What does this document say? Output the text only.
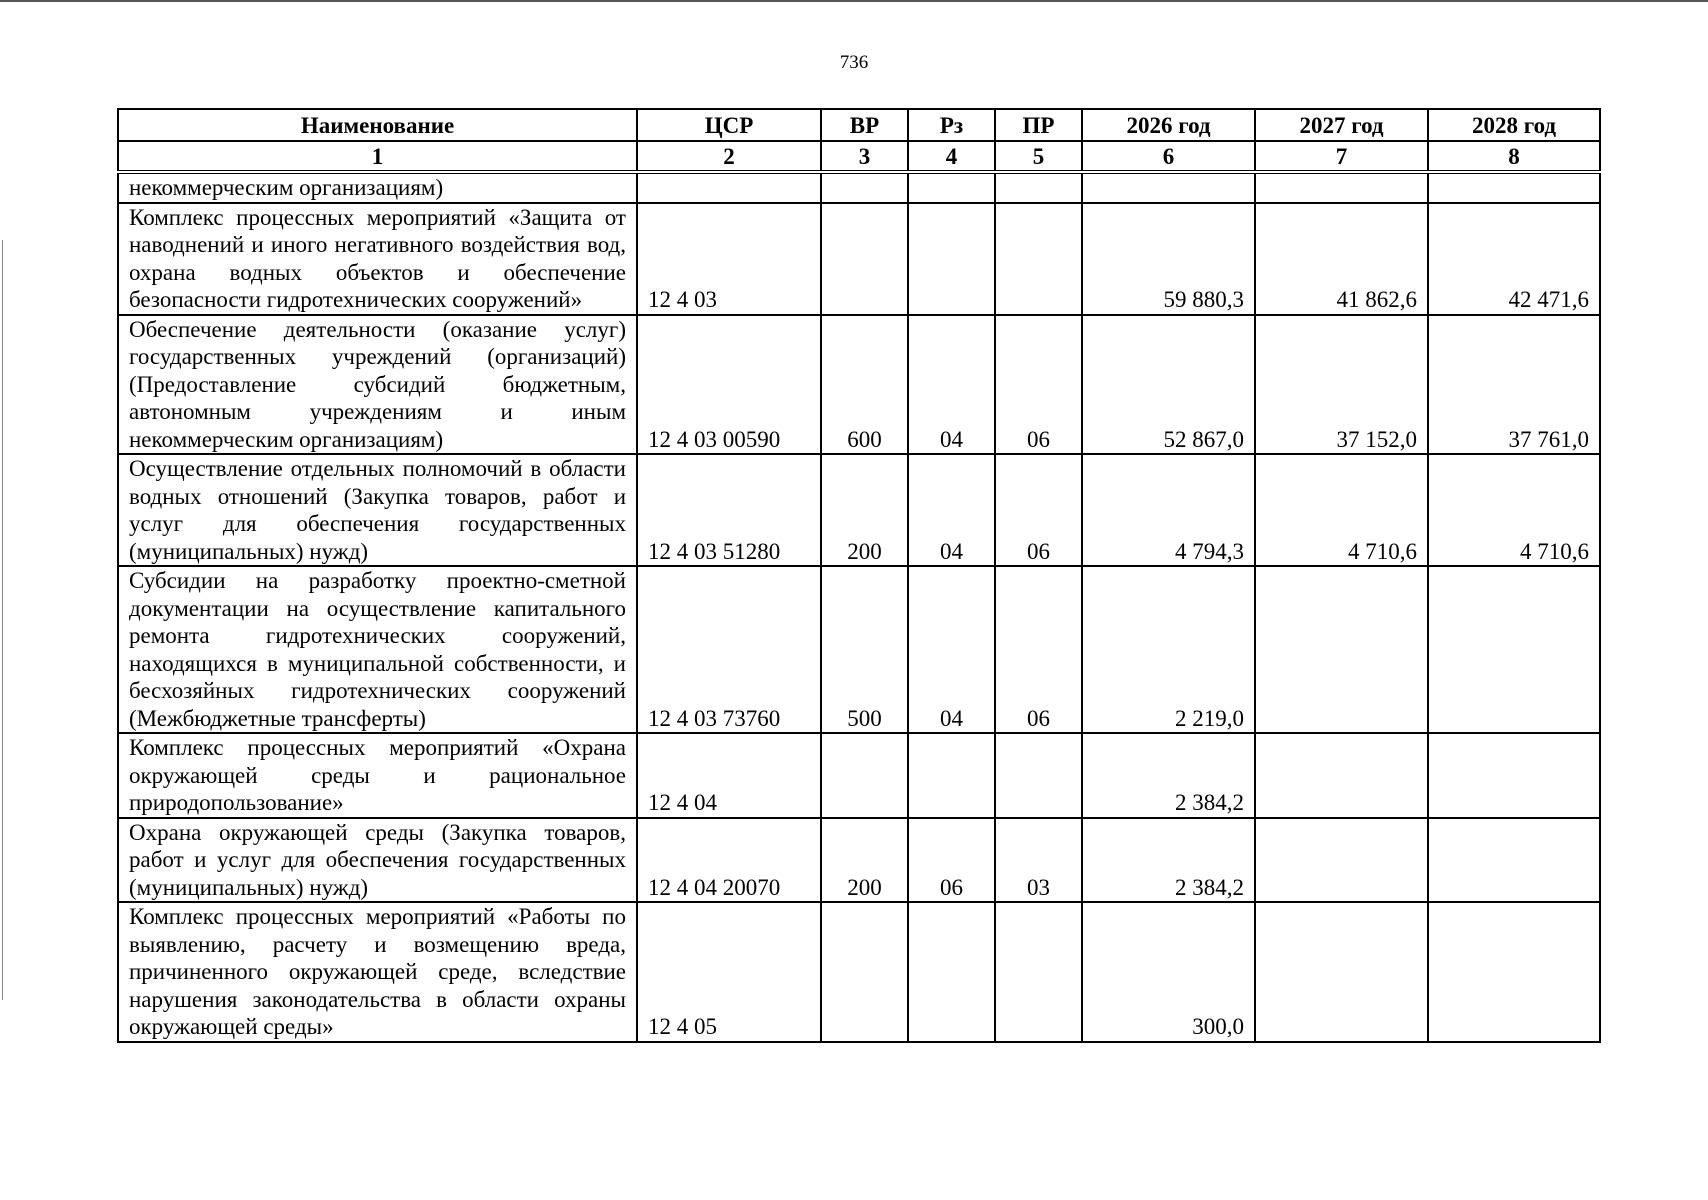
736
Наименование	ЦСР	ВР	Рз	ПР	2026 год	2027 год	2028 год
1	2	3	4	5	6	7	8
некоммерческим организациям)							
Комплекс процессных мероприятий «Защита от наводнений и иного негативного воздействия вод, охрана водных объектов и обеспечение безопасности гидротехнических сооружений»	12 4 03				59 880,3	41 862,6	42 471,6
Обеспечение деятельности (оказание услуг) государственных учреждений (организаций) (Предоставление субсидий бюджетным, автономным учреждениям и иным некоммерческим организациям)	12 4 03 00590	600	04	06	52 867,0	37 152,0	37 761,0
Осуществление отдельных полномочий в области водных отношений (Закупка товаров, работ и услуг для обеспечения государственных (муниципальных) нужд)	12 4 03 51280	200	04	06	4 794,3	4 710,6	4 710,6
Субсидии на разработку проектно-сметной документации на осуществление капитального ремонта гидротехнических сооружений, находящихся в муниципальной собственности, и бесхозяйных гидротехнических сооружений (Межбюджетные трансферты)	12 4 03 73760	500	04	06	2 219,0		
Комплекс процессных мероприятий «Охрана окружающей среды и рациональное природопользование»	12 4 04				2 384,2		
Охрана окружающей среды (Закупка товаров, работ и услуг для обеспечения государственных (муниципальных) нужд)	12 4 04 20070	200	06	03	2 384,2		
Комплекс процессных мероприятий «Работы по выявлению, расчету и возмещению вреда, причиненного окружающей среде, вследствие нарушения законодательства в области охраны окружающей среды»	12 4 05				300,0		
